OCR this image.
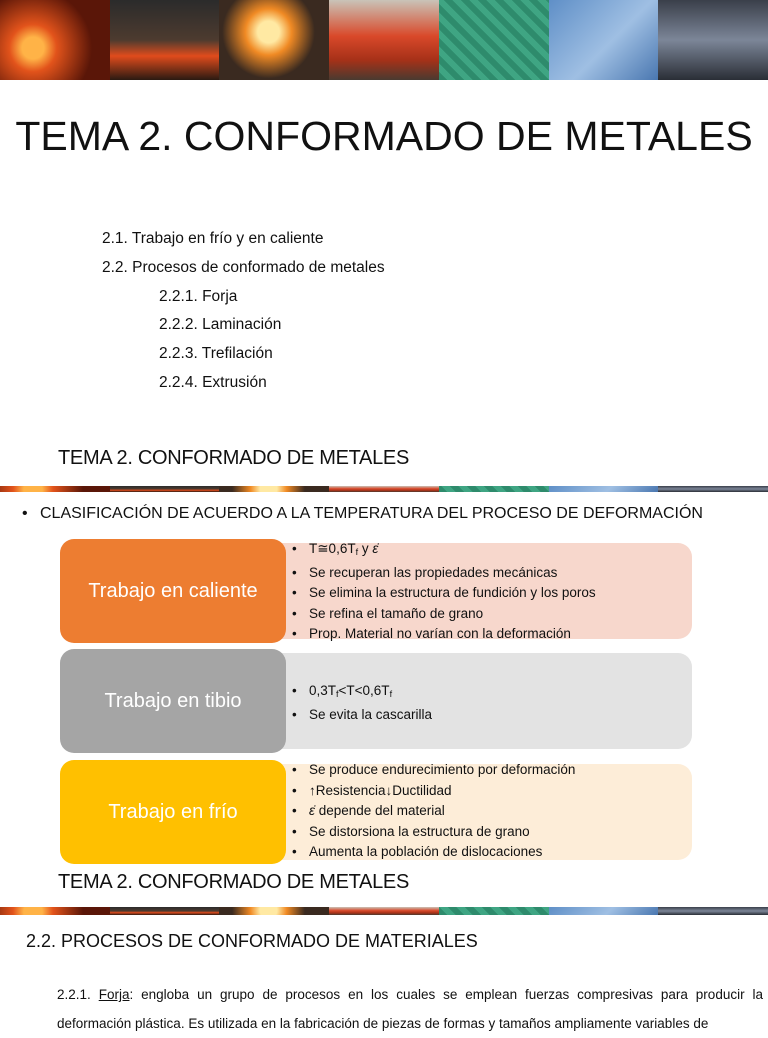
TEMA 2. CONFORMADO DE METALES
2.1. Trabajo en frío y en caliente
2.2. Procesos de conformado de metales
2.2.1. Forja
2.2.2. Laminación
2.2.3. Trefilación
2.2.4. Extrusión
TEMA 2. CONFORMADO DE METALES
• CLASIFICACIÓN DE ACUERDO A LA TEMPERATURA DEL PROCESO DE DEFORMACIÓN
Trabajo en caliente
• $T≅0,6T_f$ y ε̇
• Se recuperan las propiedades mecánicas
• Se elimina la estructura de fundición y los poros
• Se refina el tamaño de grano
• Prop. Material no varían con la deformación
Trabajo en tibio
•	$0,3T_f<T<0,6T_f$
• Se evita la cascarilla
Trabajo en frío
• Se produce endurecimiento por deformación
• ↑Resistencia↓Ductilidad
• ε̇ depende del material
• Se distorsiona la estructura de grano
• Aumenta la población de dislocaciones
TEMA 2. CONFORMADO DE METALES
2.2. PROCESOS DE CONFORMADO DE MATERIALES
2.2.1. Forja: engloba un grupo de procesos en los cuales se emplean fuerzas compresivas para producir la deformación plástica. Es utilizada en la fabricación de piezas de formas y tamaños ampliamente variables de
